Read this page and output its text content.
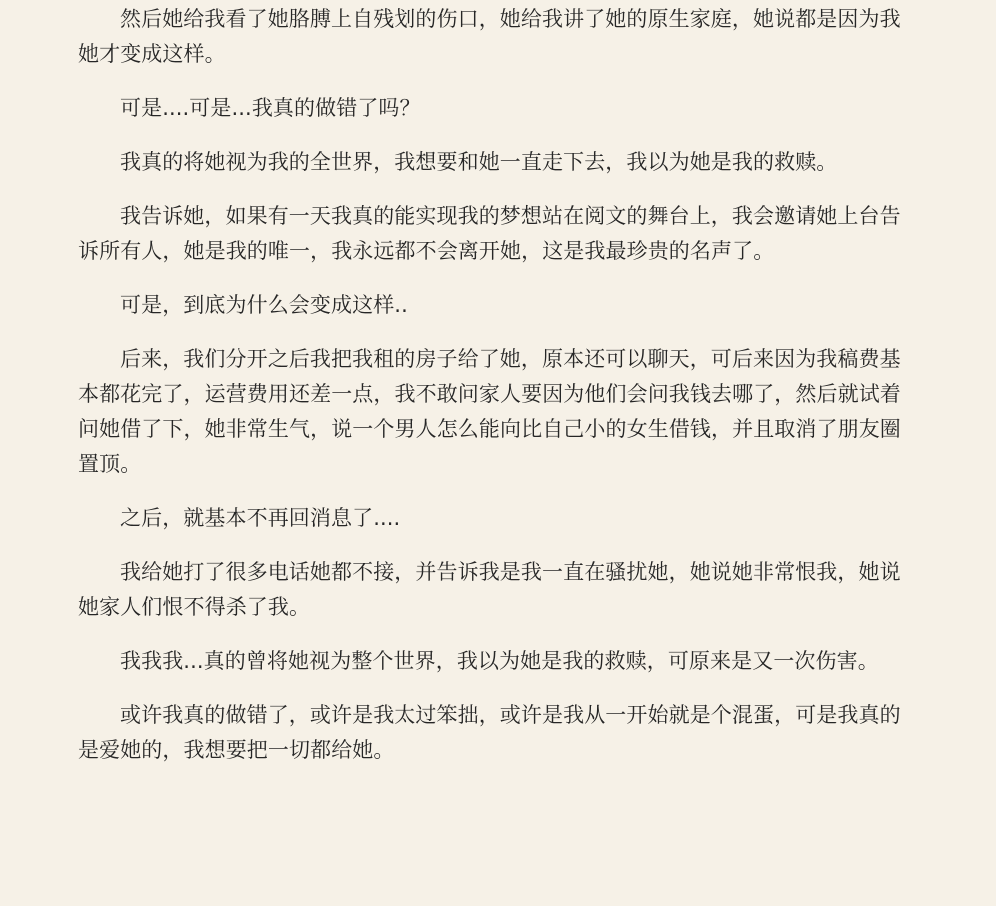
然后她给我看了她胳膊上自残划的伤口，她给我讲了她的原生家庭，她说都是因为我她才变成这样。

可是....可是...我真的做错了吗？

我真的将她视为我的全世界，我想要和她一直走下去，我以为她是我的救赎。

我告诉她，如果有一天我真的能实现我的梦想站在阅文的舞台上，我会邀请她上台告诉所有人，她是我的唯一，我永远都不会离开她，这是我最珍贵的名声了。

可是，到底为什么会变成这样..

后来，我们分开之后我把我租的房子给了她，原本还可以聊天，可后来因为我稿费基本都花完了，运营费用还差一点，我不敢问家人要因为他们会问我钱去哪了，然后就试着问她借了下，她非常生气，说一个男人怎么能向比自己小的女生借钱，并且取消了朋友圈置顶。

之后，就基本不再回消息了....

我给她打了很多电话她都不接，并告诉我是我一直在骚扰她，她说她非常恨我，她说她家人们恨不得杀了我。

我我我...真的曾将她视为整个世界，我以为她是我的救赎，可原来是又一次伤害。

或许我真的做错了，或许是我太过笨拙，或许是我从一开始就是个混蛋，可是我真的是爱她的，我想要把一切都给她。
